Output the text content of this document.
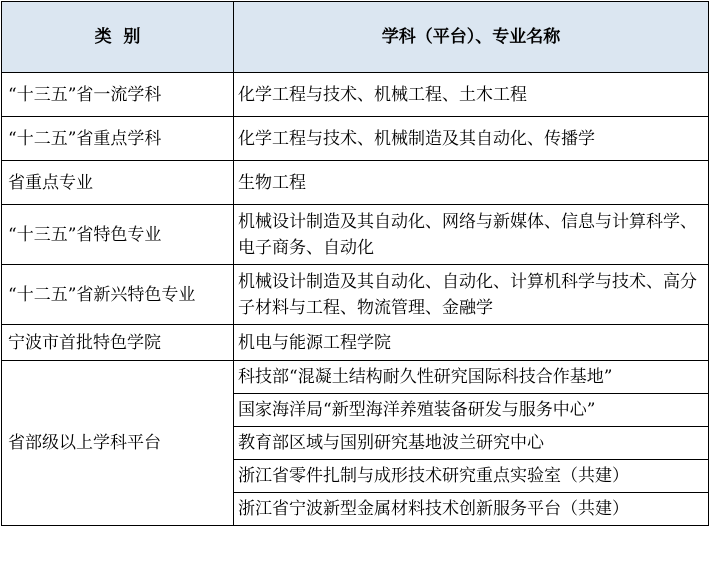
类  别	学科（平台）、专业名称
“十三五”省一流学科	化学工程与技术、机械工程、土木工程
“十二五”省重点学科	化学工程与技术、机械制造及其自动化、传播学
省重点专业	生物工程
“十三五”省特色专业	机械设计制造及其自动化、网络与新媒体、信息与计算科学、电子商务、自动化
“十二五”省新兴特色专业	机械设计制造及其自动化、自动化、计算机科学与技术、高分子材料与工程、物流管理、金融学
宁波市首批特色学院	机电与能源工程学院
省部级以上学科平台	科技部“混凝土结构耐久性研究国际科技合作基地”
	国家海洋局“新型海洋养殖装备研发与服务中心”
	教育部区域与国别研究基地波兰研究中心
	浙江省零件扎制与成形技术研究重点实验室（共建）
	浙江省宁波新型金属材料技术创新服务平台（共建）
